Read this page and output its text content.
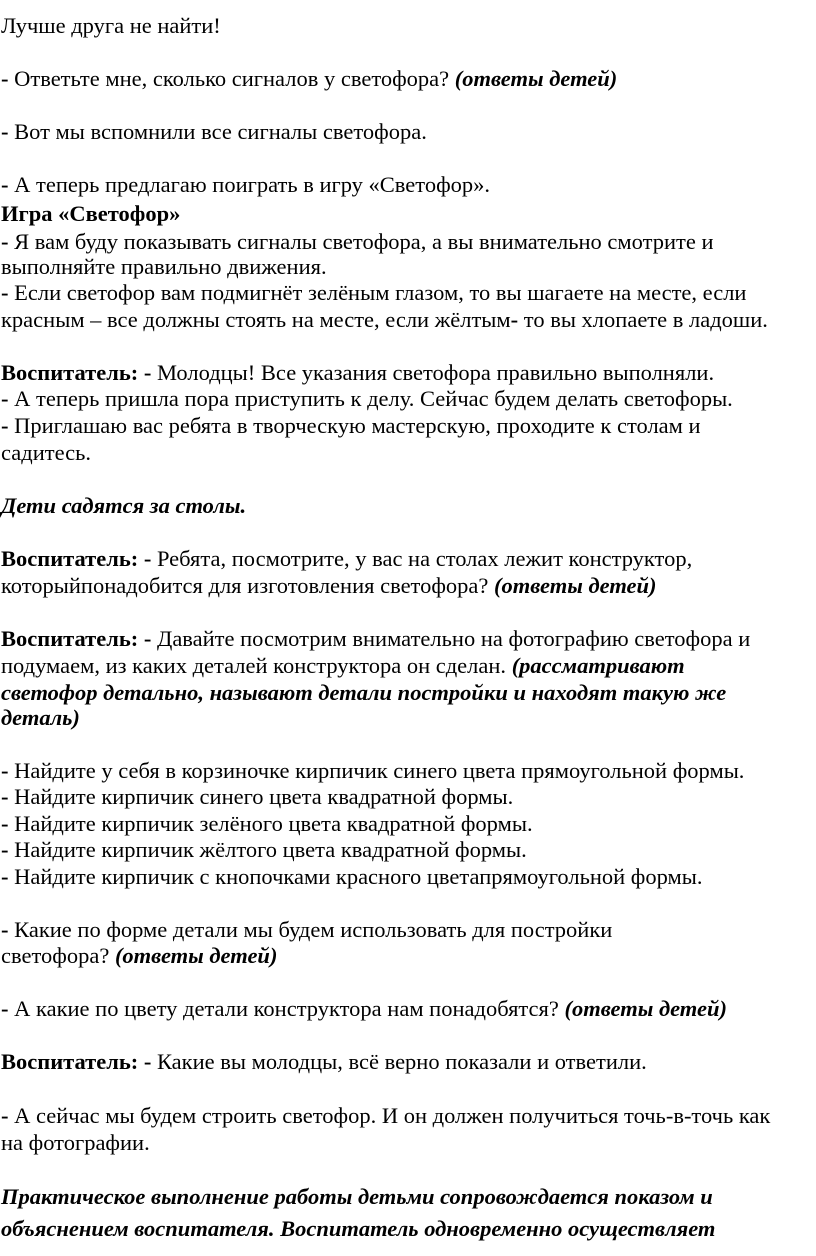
Лучше друга не найти!
- Ответьте мне, сколько сигналов у светофора? (ответы детей)
- Вот мы вспомнили все сигналы светофора.
- А теперь предлагаю поиграть в игру «Светофор».
Игра «Светофор»
- Я вам буду показывать сигналы светофора, а вы внимательно смотрите и
выполняйте правильно движения.
- Если светофор вам подмигнёт зелёным глазом, то вы шагаете на месте, если
красным – все должны стоять на месте, если жёлтым- то вы хлопаете в ладоши.
Воспитатель: - Молодцы! Все указания светофора правильно выполняли.
- А теперь пришла пора приступить к делу. Сейчас будем делать светофоры.
- Приглашаю вас ребята в творческую мастерскую, проходите к столам и
садитесь.
Дети садятся за столы.
Воспитатель: - Ребята, посмотрите, у вас на столах лежит конструктор,
которыйпонадобится для изготовления светофора? (ответы детей)
Воспитатель: - Давайте посмотрим внимательно на фотографию светофора и
подумаем, из каких деталей конструктора он сделан. (рассматривают
светофор детально, называют детали постройки и находят такую же
деталь)
- Найдите у себя в корзиночке кирпичик синего цвета прямоугольной формы.
- Найдите кирпичик синего цвета квадратной формы.
- Найдите кирпичик зелёного цвета квадратной формы.
- Найдите кирпичик жёлтого цвета квадратной формы.
- Найдите кирпичик с кнопочками красного цветапрямоугольной формы.
- Какие по форме детали мы будем использовать для постройки
светофора? (ответы детей)
- А какие по цвету детали конструктора нам понадобятся? (ответы детей)
Воспитатель: - Какие вы молодцы, всё верно показали и ответили.
- А сейчас мы будем строить светофор. И он должен получиться точь-в-точь как
на фотографии.
Практическое выполнение работы детьми сопровождается показом и
объяснением воспитателя. Воспитатель одновременно осуществляет
